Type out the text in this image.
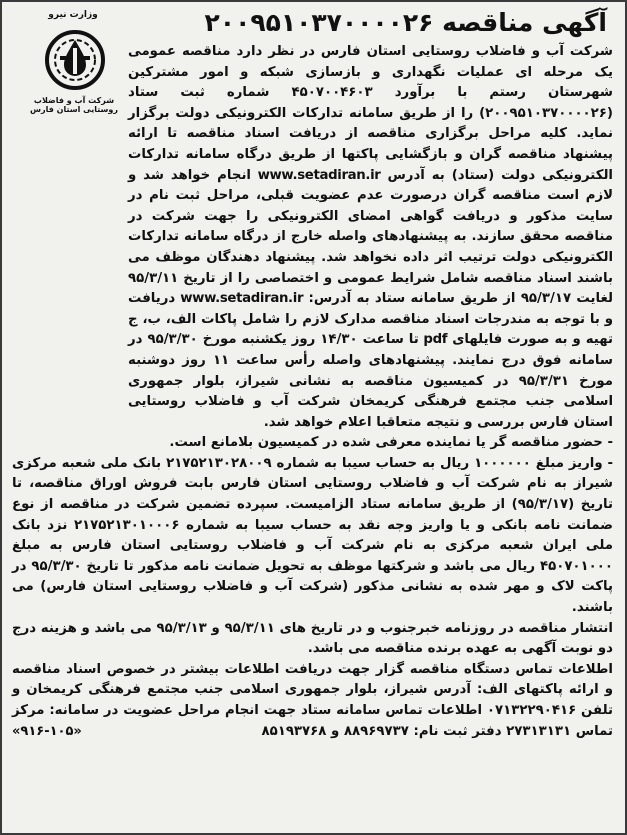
وزارت نیرو
شرکت آب و فاضلاب روستایی استان فارس
آگهی مناقصه ۲۰۰۹۵۱۰۳۷۰۰۰۰۲۶

شرکت آب و فاضلاب روستایی استان فارس در نظر دارد مناقصه عمومی یک مرحله ای عملیات نگهداری و بازسازی شبکه و امور مشترکین شهرستان رستم با برآورد ۴۵۰۷۰۰۴۶۰۳ شماره ثبت ستاد (۲۰۰۹۵۱۰۳۷۰۰۰۰۲۶) را از طریق سامانه تدارکات الکترونیکی دولت برگزار نماید. کلیه مراحل برگزاری مناقصه از دریافت اسناد مناقصه تا ارائه پیشنهاد مناقصه گران و بازگشایی پاکتها از طریق درگاه سامانه تدارکات الکترونیکی دولت (ستاد) به آدرس www.setadiran.ir انجام خواهد شد و لازم است مناقصه گران درصورت عدم عضویت قبلی، مراحل ثبت نام در سایت مذکور و دریافت گواهی امضای الکترونیکی را جهت شرکت در مناقصه محقق سازند. به پیشنهادهای واصله خارج از درگاه سامانه تدارکات الکترونیکی دولت ترتیب اثر داده نخواهد شد. پیشنهاد دهندگان موظف می باشند اسناد مناقصه شامل شرایط عمومی و اختصاصی را از تاریخ ۹۵/۳/۱۱ لغایت ۹۵/۳/۱۷ از طریق سامانه ستاد به آدرس: www.setadiran.ir دریافت و با توجه به مندرجات اسناد مناقصه مدارک لازم را شامل پاکات الف، ب، ج تهیه و به صورت فایلهای pdf تا ساعت ۱۴/۳۰ روز یکشنبه مورخ ۹۵/۳/۳۰ در سامانه فوق درج نمایند. پیشنهادهای واصله رأس ساعت ۱۱ روز دوشنبه مورخ ۹۵/۳/۳۱ در کمیسیون مناقصه به نشانی شیراز، بلوار جمهوری اسلامی جنب مجتمع فرهنگی کریمخان شرکت آب و فاضلاب روستایی استان فارس بررسی و نتیجه متعاقبا اعلام خواهد شد.

- حضور مناقصه گر یا نماینده معرفی شده در کمیسیون بلامانع است.

- واریز مبلغ ۱۰۰۰۰۰۰ ریال به حساب سیبا به شماره ۲۱۷۵۲۱۳۰۲۸۰۰۹ بانک ملی شعبه مرکزی شیراز به نام شرکت آب و فاضلاب روستایی استان فارس بابت فروش اوراق مناقصه، تا تاریخ (۹۵/۳/۱۷) از طریق سامانه ستاد الزامیست. سپرده تضمین شرکت در مناقصه از نوع ضمانت نامه بانکی و یا واریز وجه نقد به حساب سیبا به شماره ۲۱۷۵۲۱۳۰۱۰۰۰۶ نزد بانک ملی ایران شعبه مرکزی به نام شرکت آب و فاضلاب روستایی استان فارس به مبلغ ۴۵۰۷۰۱۰۰۰ ریال می باشد و شرکتها موظف به تحویل ضمانت نامه مذکور تا تاریخ ۹۵/۳/۳۰ در پاکت لاک و مهر شده به نشانی مذکور (شرکت آب و فاضلاب روستایی استان فارس) می باشند.

انتشار مناقصه در روزنامه خبرجنوب و در تاریخ های ۹۵/۳/۱۱ و ۹۵/۳/۱۳ می باشد و هزینه درج دو نوبت آگهی به عهده برنده مناقصه می باشد.

اطلاعات تماس دستگاه مناقصه گزار جهت دریافت اطلاعات بیشتر در خصوص اسناد مناقصه و ارائه پاکتهای الف: آدرس شیراز، بلوار جمهوری اسلامی جنب مجتمع فرهنگی کریمخان و تلفن ۰۷۱۳۲۲۹۰۴۱۶ اطلاعات تماس سامانه ستاد جهت انجام مراحل عضویت در سامانه: مرکز تماس ۲۷۳۱۳۱۳۱ دفتر ثبت نام: ۸۸۹۶۹۷۳۷ و ۸۵۱۹۳۷۶۸

«۹۱۶-۱۰۵»
